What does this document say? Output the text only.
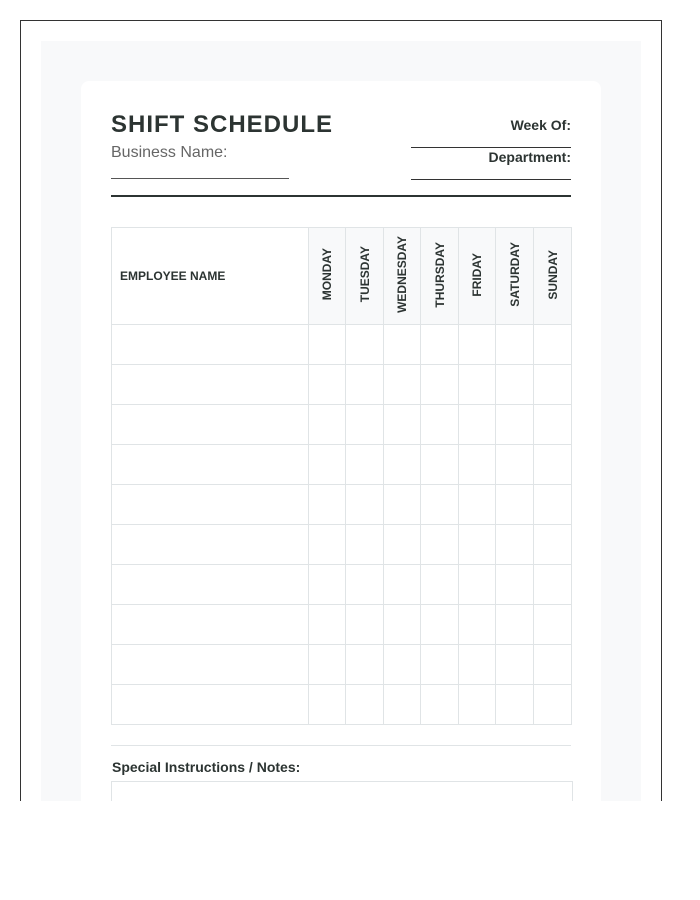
SHIFT SCHEDULE
Business Name:
Week Of:
Department:
EMPLOYEE NAME	MONDAY	TUESDAY	WEDNESDAY	THURSDAY	FRIDAY	SATURDAY	SUNDAY

Special Instructions / Notes:
